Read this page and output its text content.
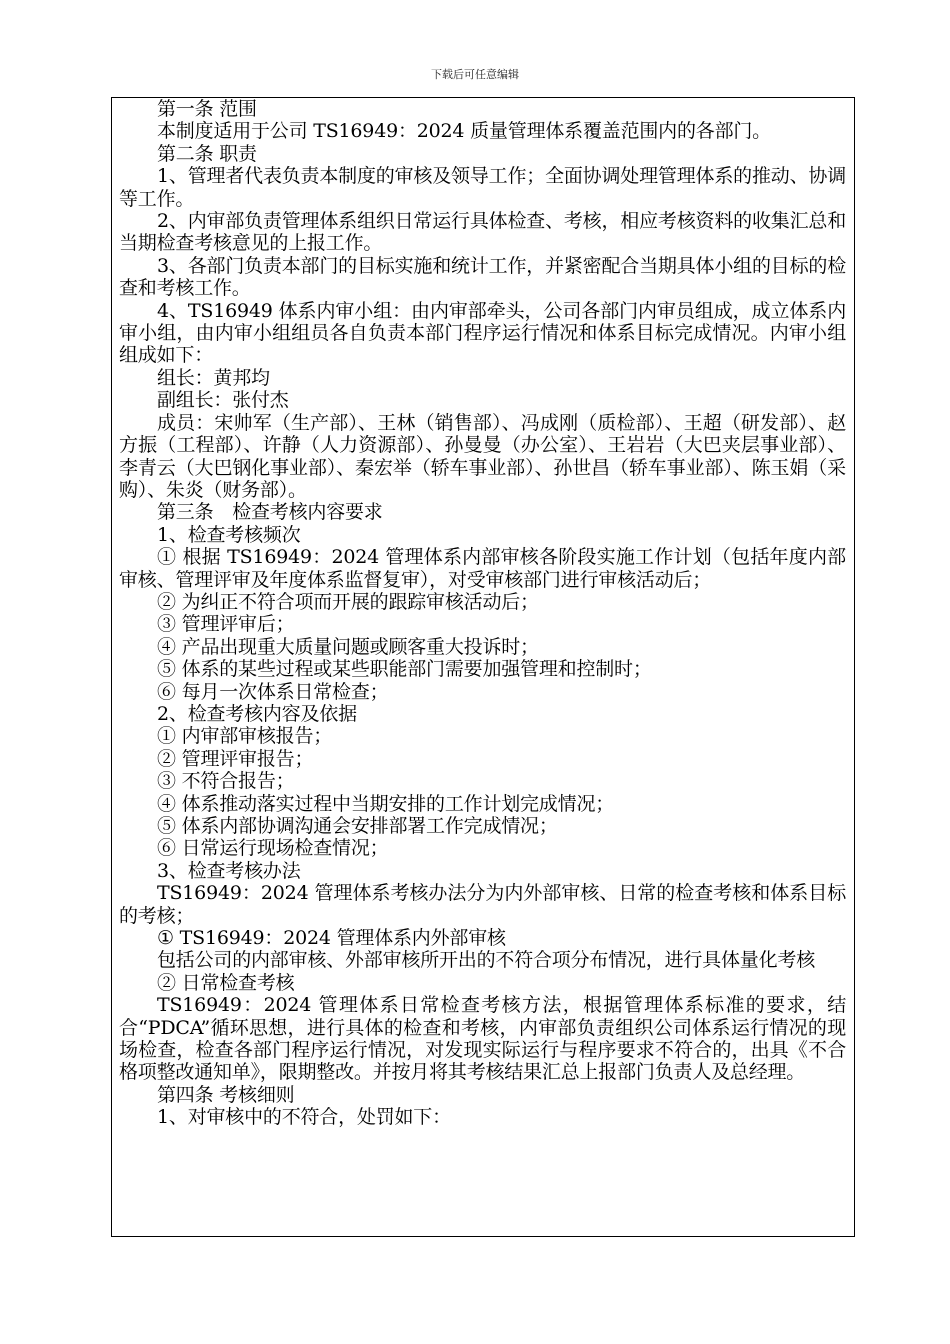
下载后可任意编辑

第一条 范围

本制度适用于公司 TS16949：2024 质量管理体系覆盖范围内的各部门。

第二条 职责

1、管理者代表负责本制度的审核及领导工作；全面协调处理管理体系的推动、协调等工作。

2、内审部负责管理体系组织日常运行具体检查、考核，相应考核资料的收集汇总和当期检查考核意见的上报工作。

3、各部门负责本部门的目标实施和统计工作，并紧密配合当期具体小组的目标的检查和考核工作。

4、TS16949 体系内审小组：由内审部牵头，公司各部门内审员组成，成立体系内审小组，由内审小组组员各自负责本部门程序运行情况和体系目标完成情况。内审小组组成如下：

组长：黄邦均

副组长：张付杰

成员：宋帅军（生产部）、王林（销售部）、冯成刚（质检部）、王超（研发部）、赵方振（工程部）、许静（人力资源部）、孙曼曼（办公室）、王岩岩（大巴夹层事业部）、李青云（大巴钢化事业部）、秦宏举（轿车事业部）、孙世昌（轿车事业部）、陈玉娟（采购）、朱炎（财务部）。

第三条　检查考核内容要求

1、检查考核频次

① 根据 TS16949：2024 管理体系内部审核各阶段实施工作计划（包括年度内部审核、管理评审及年度体系监督复审），对受审核部门进行审核活动后；

② 为纠正不符合项而开展的跟踪审核活动后；

③ 管理评审后；

④ 产品出现重大质量问题或顾客重大投诉时；

⑤ 体系的某些过程或某些职能部门需要加强管理和控制时；

⑥ 每月一次体系日常检查；

2、检查考核内容及依据

① 内审部审核报告；

② 管理评审报告；

③ 不符合报告；

④ 体系推动落实过程中当期安排的工作计划完成情况；

⑤ 体系内部协调沟通会安排部署工作完成情况；

⑥ 日常运行现场检查情况；

3、检查考核办法

TS16949：2024 管理体系考核办法分为内外部审核、日常的检查考核和体系目标的考核；

① TS16949：2024 管理体系内外部审核

包括公司的内部审核、外部审核所开出的不符合项分布情况，进行具体量化考核

② 日常检查考核

TS16949：2024 管理体系日常检查考核方法，根据管理体系标准的要求，结合“PDCA”循环思想，进行具体的检查和考核，内审部负责组织公司体系运行情况的现场检查，检查各部门程序运行情况，对发现实际运行与程序要求不符合的，出具《不合格项整改通知单》，限期整改。并按月将其考核结果汇总上报部门负责人及总经理。

第四条 考核细则

1、对审核中的不符合，处罚如下：
